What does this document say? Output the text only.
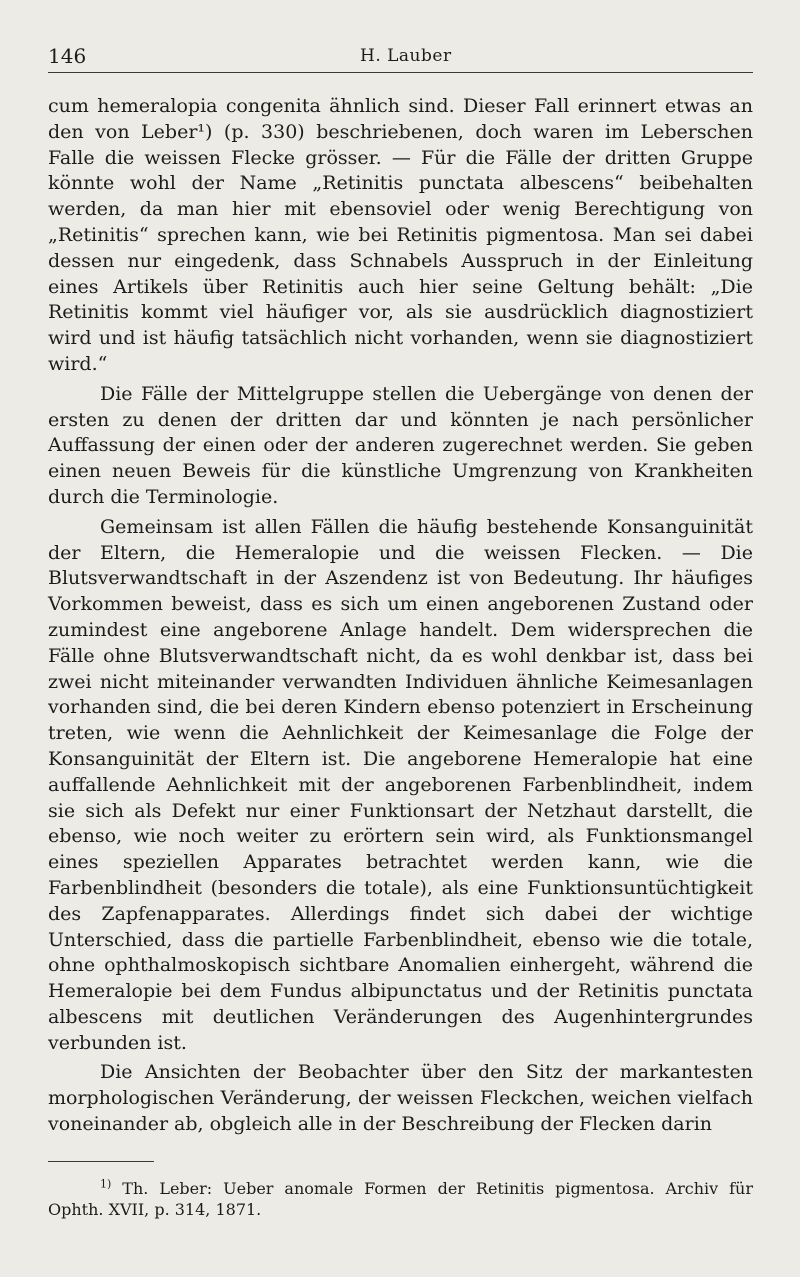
146	H. Lauber

cum hemeralopia congenita ähnlich sind. Dieser Fall erinnert etwas an den von Leber¹) (p. 330) beschriebenen, doch waren im Leberschen Falle die weissen Flecke grösser. — Für die Fälle der dritten Gruppe könnte wohl der Name „Retinitis punctata albescens“ beibehalten werden, da man hier mit ebensoviel oder wenig Berechtigung von „Retinitis“ sprechen kann, wie bei Retinitis pigmentosa. Man sei dabei dessen nur eingedenk, dass Schnabels Ausspruch in der Einleitung eines Artikels über Retinitis auch hier seine Geltung behält: „Die Retinitis kommt viel häufiger vor, als sie ausdrücklich diagnostiziert wird und ist häufig tatsächlich nicht vorhanden, wenn sie diagnostiziert wird.“

Die Fälle der Mittelgruppe stellen die Uebergänge von denen der ersten zu denen der dritten dar und könnten je nach persönlicher Auffassung der einen oder der anderen zugerechnet werden. Sie geben einen neuen Beweis für die künstliche Umgrenzung von Krankheiten durch die Terminologie.

Gemeinsam ist allen Fällen die häufig bestehende Konsanguinität der Eltern, die Hemeralopie und die weissen Flecken. — Die Blutsverwandtschaft in der Aszendenz ist von Bedeutung. Ihr häufiges Vorkommen beweist, dass es sich um einen angeborenen Zustand oder zumindest eine angeborene Anlage handelt. Dem widersprechen die Fälle ohne Blutsverwandtschaft nicht, da es wohl denkbar ist, dass bei zwei nicht miteinander verwandten Individuen ähnliche Keimesanlagen vorhanden sind, die bei deren Kindern ebenso potenziert in Erscheinung treten, wie wenn die Aehnlichkeit der Keimesanlage die Folge der Konsanguinität der Eltern ist. Die angeborene Hemeralopie hat eine auffallende Aehnlichkeit mit der angeborenen Farbenblindheit, indem sie sich als Defekt nur einer Funktionsart der Netzhaut darstellt, die ebenso, wie noch weiter zu erörtern sein wird, als Funktionsmangel eines speziellen Apparates betrachtet werden kann, wie die Farbenblindheit (besonders die totale), als eine Funktionsuntüchtigkeit des Zapfenapparates. Allerdings findet sich dabei der wichtige Unterschied, dass die partielle Farbenblindheit, ebenso wie die totale, ohne ophthalmoskopisch sichtbare Anomalien einhergeht, während die Hemeralopie bei dem Fundus albipunctatus und der Retinitis punctata albescens mit deutlichen Veränderungen des Augenhintergrundes verbunden ist.

Die Ansichten der Beobachter über den Sitz der markantesten morphologischen Veränderung, der weissen Fleckchen, weichen vielfach voneinander ab, obgleich alle in der Beschreibung der Flecken darin

$^{1)}$ Th. Leber: Ueber anomale Formen der Retinitis pigmentosa. Archiv für Ophth. XVII, p. 314, 1871.
